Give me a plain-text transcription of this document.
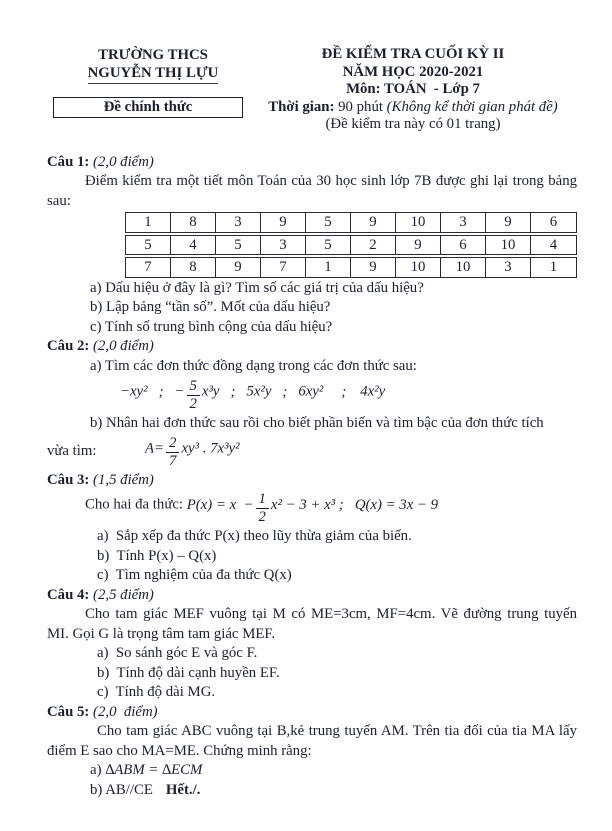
TRƯỜNG THCS
NGUYỄN THỊ LỰU
Đề chính thức
ĐỀ KIỂM TRA CUỐI KỲ II
NĂM HỌC 2020-2021
Môn: TOÁN  - Lớp 7
Thời gian: 90 phút (Không kể thời gian phát đề)
(Đề kiểm tra này có 01 trang)

Câu 1: (2,0 điểm)

Điểm kiểm tra một tiết môn Toán của 30 học sinh lớp 7B được ghi lại trong bảng sau:

1	8	3	9	5	9	10	3	9	6
5	4	5	3	5	2	9	6	10	4
7	8	9	7	1	9	10	10	3	1

a) Dấu hiệu ở đây là gì? Tìm số các giá trị của dấu hiệu?

b) Lập bảng “tần số”. Mốt của dấu hiệu?

c) Tính số trung bình cộng của dấu hiệu?

Câu 2: (2,0 điểm)

a) Tìm các đơn thức đồng dạng trong các đơn thức sau:

−xy² ; − $\frac{5}{2} x^3y$ ; 5x²y ; 6xy² ; 4x²y

b) Nhân hai đơn thức sau rồi cho biết phần biến và tìm bậc của đơn thức tích

vừa tìm:	$A= \frac{2}{7} xy^3$ . 7x³y²

Câu 3: (1,5 điểm)

Cho hai đa thức: $P(x) = x - \frac{1}{2} x^2 - 3 + x^3$ ;   Q(x) = 3x − 9

a)  Sắp xếp đa thức P(x) theo lũy thừa giảm của biến.

b)  Tính P(x) – Q(x)

c)  Tìm nghiệm của đa thức Q(x)

Câu 4: (2,5 điểm)

Cho tam giác MEF vuông tại M có ME=3cm, MF=4cm. Vẽ đường trung tuyến MI. Gọi G là trọng tâm tam giác MEF.

a)  So sánh góc E và góc F.

b)  Tính độ dài cạnh huyền EF.

c)  Tính độ dài MG.

Câu 5: (2,0  điểm)

Cho tam giác ABC vuông tại B,kẻ trung tuyến AM. Trên tia đối của tia MA lấy điểm E sao cho MA=ME. Chứng minh rằng:

a) ∆ABM = ∆ECM

b) AB//CE Hết./.
